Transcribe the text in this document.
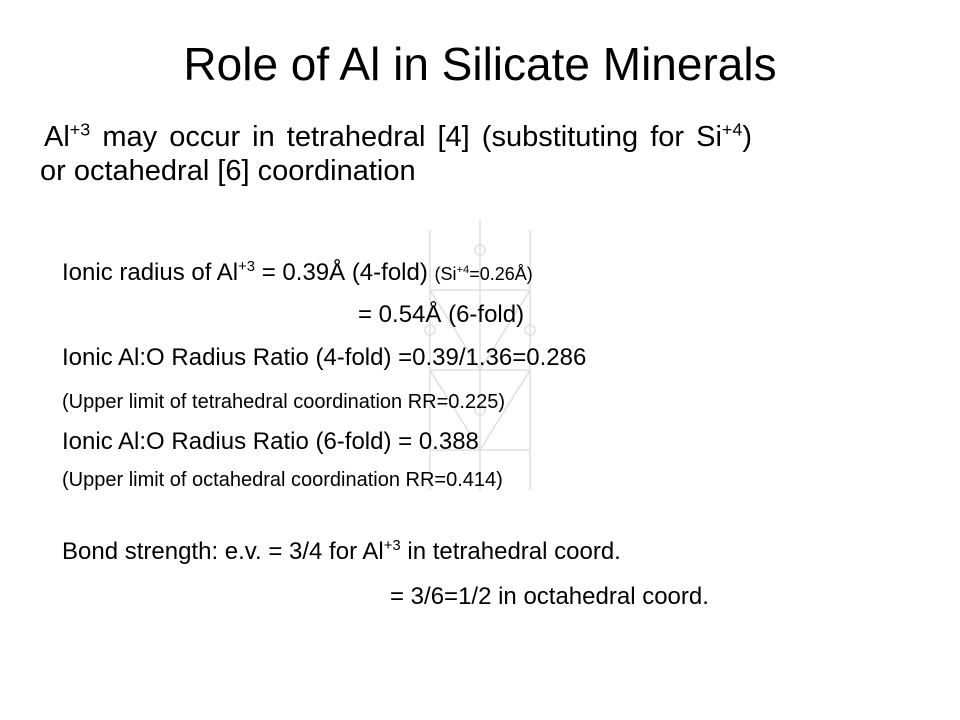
Role of Al in Silicate Minerals
$Al^{+3}$ may occur in tetrahedral [4] (substituting for $Si^{+4}$)
or octahedral [6] coordination
Ionic radius of $Al^{+3}$ = 0.39Å (4-fold) $(Si^{+4}=0.26Å)$
= 0.54Å (6-fold)
Ionic Al:O Radius Ratio (4-fold) =0.39/1.36=0.286
(Upper limit of tetrahedral coordination RR=0.225)
Ionic Al:O Radius Ratio (6-fold) = 0.388
(Upper limit of octahedral coordination RR=0.414)
Bond strength: e.v. = 3/4 for $Al^{+3}$ in tetrahedral coord.
= 3/6=1/2 in octahedral coord.
